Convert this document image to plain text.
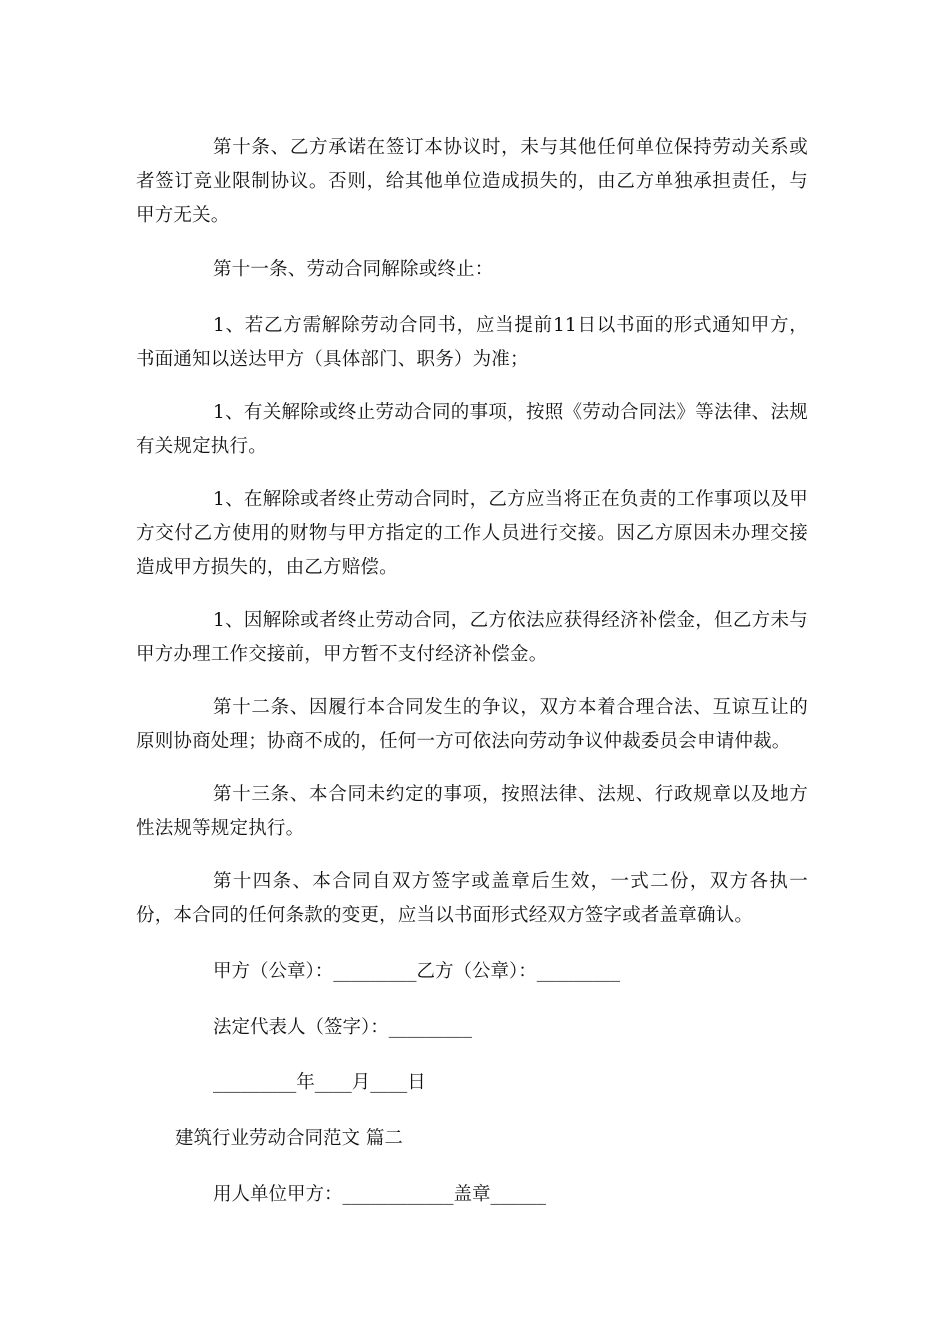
第十条、乙方承诺在签订本协议时，未与其他任何单位保持劳动关系或者签订竞业限制协议。否则，给其他单位造成损失的，由乙方单独承担责任，与甲方无关。

第十一条、劳动合同解除或终止：

1、若乙方需解除劳动合同书，应当提前11日以书面的形式通知甲方，书面通知以送达甲方（具体部门、职务）为准；

1、有关解除或终止劳动合同的事项，按照《劳动合同法》等法律、法规有关规定执行。

1、在解除或者终止劳动合同时，乙方应当将正在负责的工作事项以及甲方交付乙方使用的财物与甲方指定的工作人员进行交接。因乙方原因未办理交接造成甲方损失的，由乙方赔偿。

1、因解除或者终止劳动合同，乙方依法应获得经济补偿金，但乙方未与甲方办理工作交接前，甲方暂不支付经济补偿金。

第十二条、因履行本合同发生的争议，双方本着合理合法、互谅互让的原则协商处理；协商不成的，任何一方可依法向劳动争议仲裁委员会申请仲裁。

第十三条、本合同未约定的事项，按照法律、法规、行政规章以及地方性法规等规定执行。

第十四条、本合同自双方签字或盖章后生效，一式二份，双方各执一份，本合同的任何条款的变更，应当以书面形式经双方签字或者盖章确认。

甲方（公章）：_________乙方（公章）：_________

法定代表人（签字）：_________

_________年____月____日

建筑行业劳动合同范文 篇二

用人单位甲方：____________盖章______
